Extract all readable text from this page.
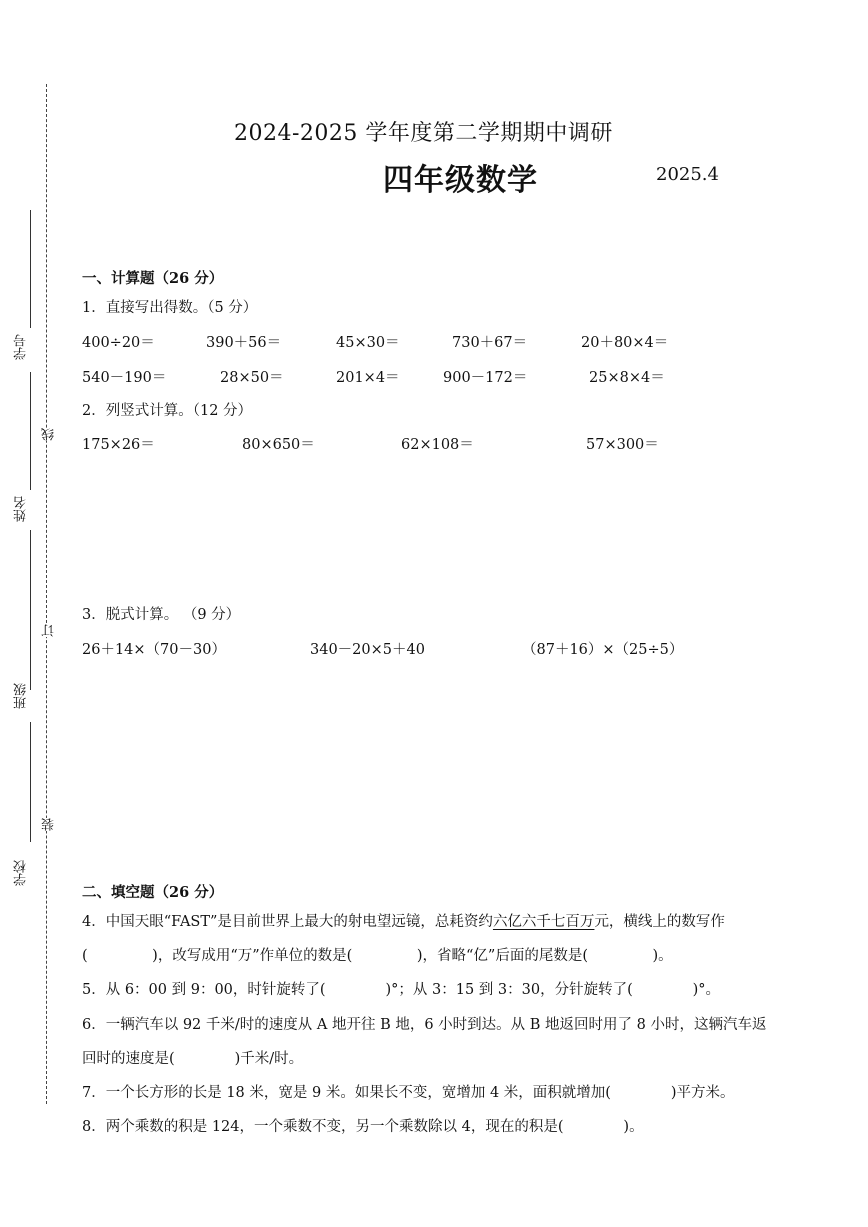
学号
姓名
班级
学校
线
订
装
2024-2025 学年度第二学期期中调研
四年级数学	2025.4
一、计算题（26 分）
1．直接写出得数。（5 分）
400÷20＝	390＋56＝	45×30＝	730＋67＝	20＋80×4＝
540－190＝	28×50＝	201×4＝	900－172＝	25×8×4＝
2．列竖式计算。（12 分）
175×26＝	80×650＝	62×108＝	57×300＝
3．脱式计算。 （9 分）
26＋14×（70－30）	340－20×5＋40	（87＋16）×（25÷5）
二、填空题（26 分）
4．中国天眼“FAST”是目前世界上最大的射电望远镜，总耗资约六亿六千七百万元，横线上的数写作
(              )，改写成用“万”作单位的数是(              )，省略“亿”后面的尾数是(              )。
5．从 6：00 到 9：00，时针旋转了(             )°；从 3：15 到 3：30，分针旋转了(             )°。
6．一辆汽车以 92 千米/时的速度从 A 地开往 B 地，6 小时到达。从 B 地返回时用了 8 小时，这辆汽车返
回时的速度是(             )千米/时。
7．一个长方形的长是 18 米，宽是 9 米。如果长不变，宽增加 4 米，面积就增加(             )平方米。
8．两个乘数的积是 124，一个乘数不变，另一个乘数除以 4，现在的积是(             )。
